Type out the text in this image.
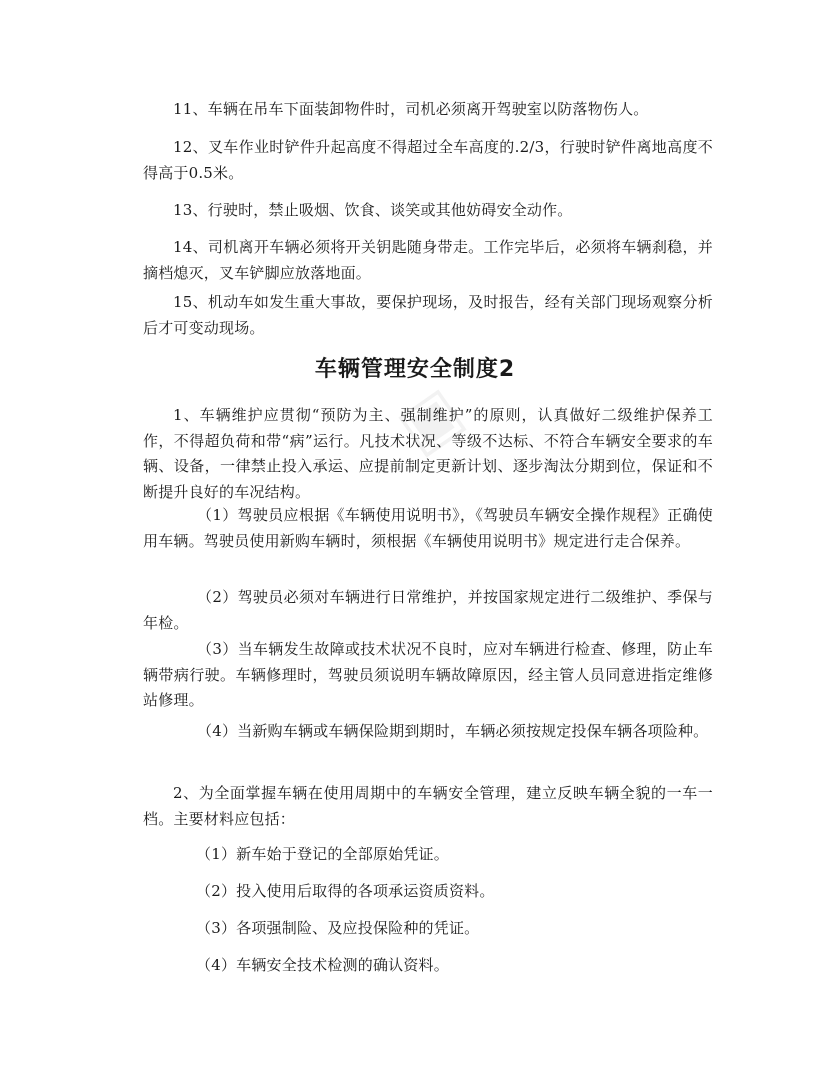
▣

11、车辆在吊车下面装卸物件时，司机必须离开驾驶室以防落物伤人。

12、叉车作业时铲件升起高度不得超过全车高度的.2/3，行驶时铲件离地高度不得高于0.5米。

13、行驶时，禁止吸烟、饮食、谈笑或其他妨碍安全动作。

14、司机离开车辆必须将开关钥匙随身带走。工作完毕后，必须将车辆刹稳，并摘档熄灭，叉车铲脚应放落地面。

15、机动车如发生重大事故，要保护现场，及时报告，经有关部门现场观察分析后才可变动现场。

车辆管理安全制度2

1、车辆维护应贯彻“预防为主、强制维护”的原则，认真做好二级维护保养工作，不得超负荷和带“病”运行。凡技术状况、等级不达标、不符合车辆安全要求的车辆、设备，一律禁止投入承运、应提前制定更新计划、逐步淘汰分期到位，保证和不断提升良好的车况结构。

（1）驾驶员应根据《车辆使用说明书》，《驾驶员车辆安全操作规程》正确使用车辆。驾驶员使用新购车辆时，须根据《车辆使用说明书》规定进行走合保养。

（2）驾驶员必须对车辆进行日常维护，并按国家规定进行二级维护、季保与年检。

（3）当车辆发生故障或技术状况不良时，应对车辆进行检查、修理，防止车辆带病行驶。车辆修理时，驾驶员须说明车辆故障原因，经主管人员同意进指定维修站修理。

（4）当新购车辆或车辆保险期到期时，车辆必须按规定投保车辆各项险种。

2、为全面掌握车辆在使用周期中的车辆安全管理，建立反映车辆全貌的一车一档。主要材料应包括：

（1）新车始于登记的全部原始凭证。

（2）投入使用后取得的各项承运资质资料。

（3）各项强制险、及应投保险种的凭证。

（4）车辆安全技术检测的确认资料。
